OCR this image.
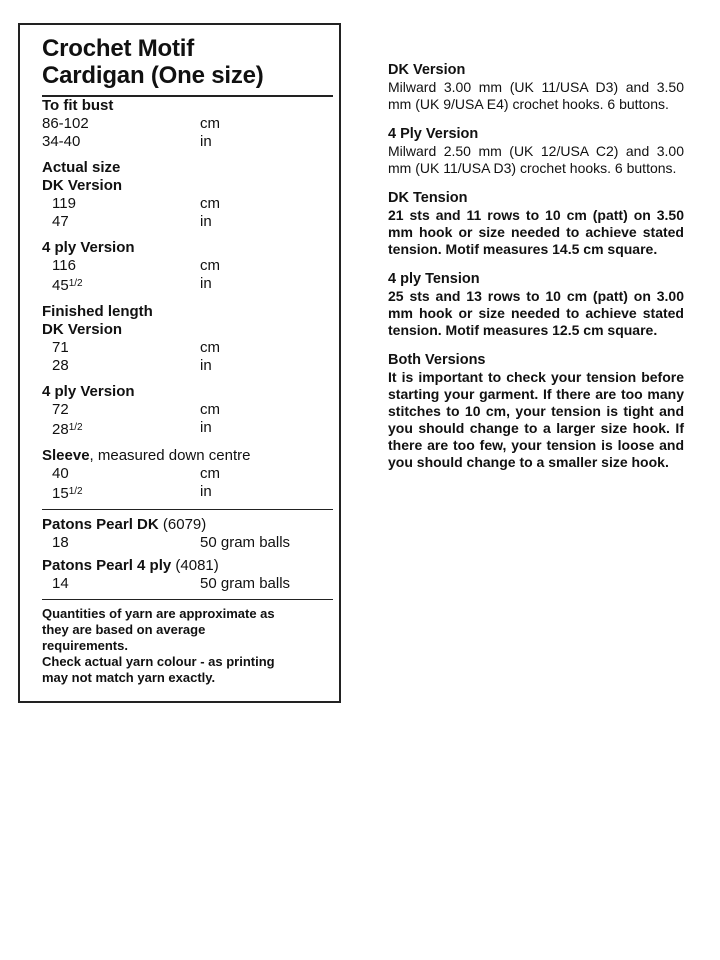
Crochet Motif
Cardigan (One size)
To fit bust
86-102	cm
34-40	in
Actual size
DK Version
119	cm
47	in
4 ply Version
116	cm
$45^{1/2}$	in
Finished length
DK Version
71	cm
28	in
4 ply Version
72	cm
$28^{1/2}$	in
Sleeve, measured down centre
40	cm
$15^{1/2}$	in
Patons Pearl DK (6079)
18	50 gram balls
Patons Pearl 4 ply (4081)
14	50 gram balls
Quantities of yarn are approximate as
they are based on average
requirements.
Check actual yarn colour - as printing
may not match yarn exactly.
DK Version
Milward 3.00 mm (UK 11/USA D3) and 3.50 mm (UK 9/USA E4) crochet hooks. 6 buttons.
4 Ply Version
Milward 2.50 mm (UK 12/USA C2) and 3.00 mm (UK 11/USA D3) crochet hooks. 6 buttons.
DK Tension
21 sts and 11 rows to 10 cm (patt) on 3.50 mm hook or size needed to achieve stated tension. Motif measures 14.5 cm square.
4 ply Tension
25 sts and 13 rows to 10 cm (patt) on 3.00 mm hook or size needed to achieve stated tension. Motif measures 12.5 cm square.
Both Versions
It is important to check your tension before starting your garment. If there are too many stitches to 10 cm, your tension is tight and you should change to a larger size hook. If there are too few, your tension is loose and you should change to a smaller size hook.
